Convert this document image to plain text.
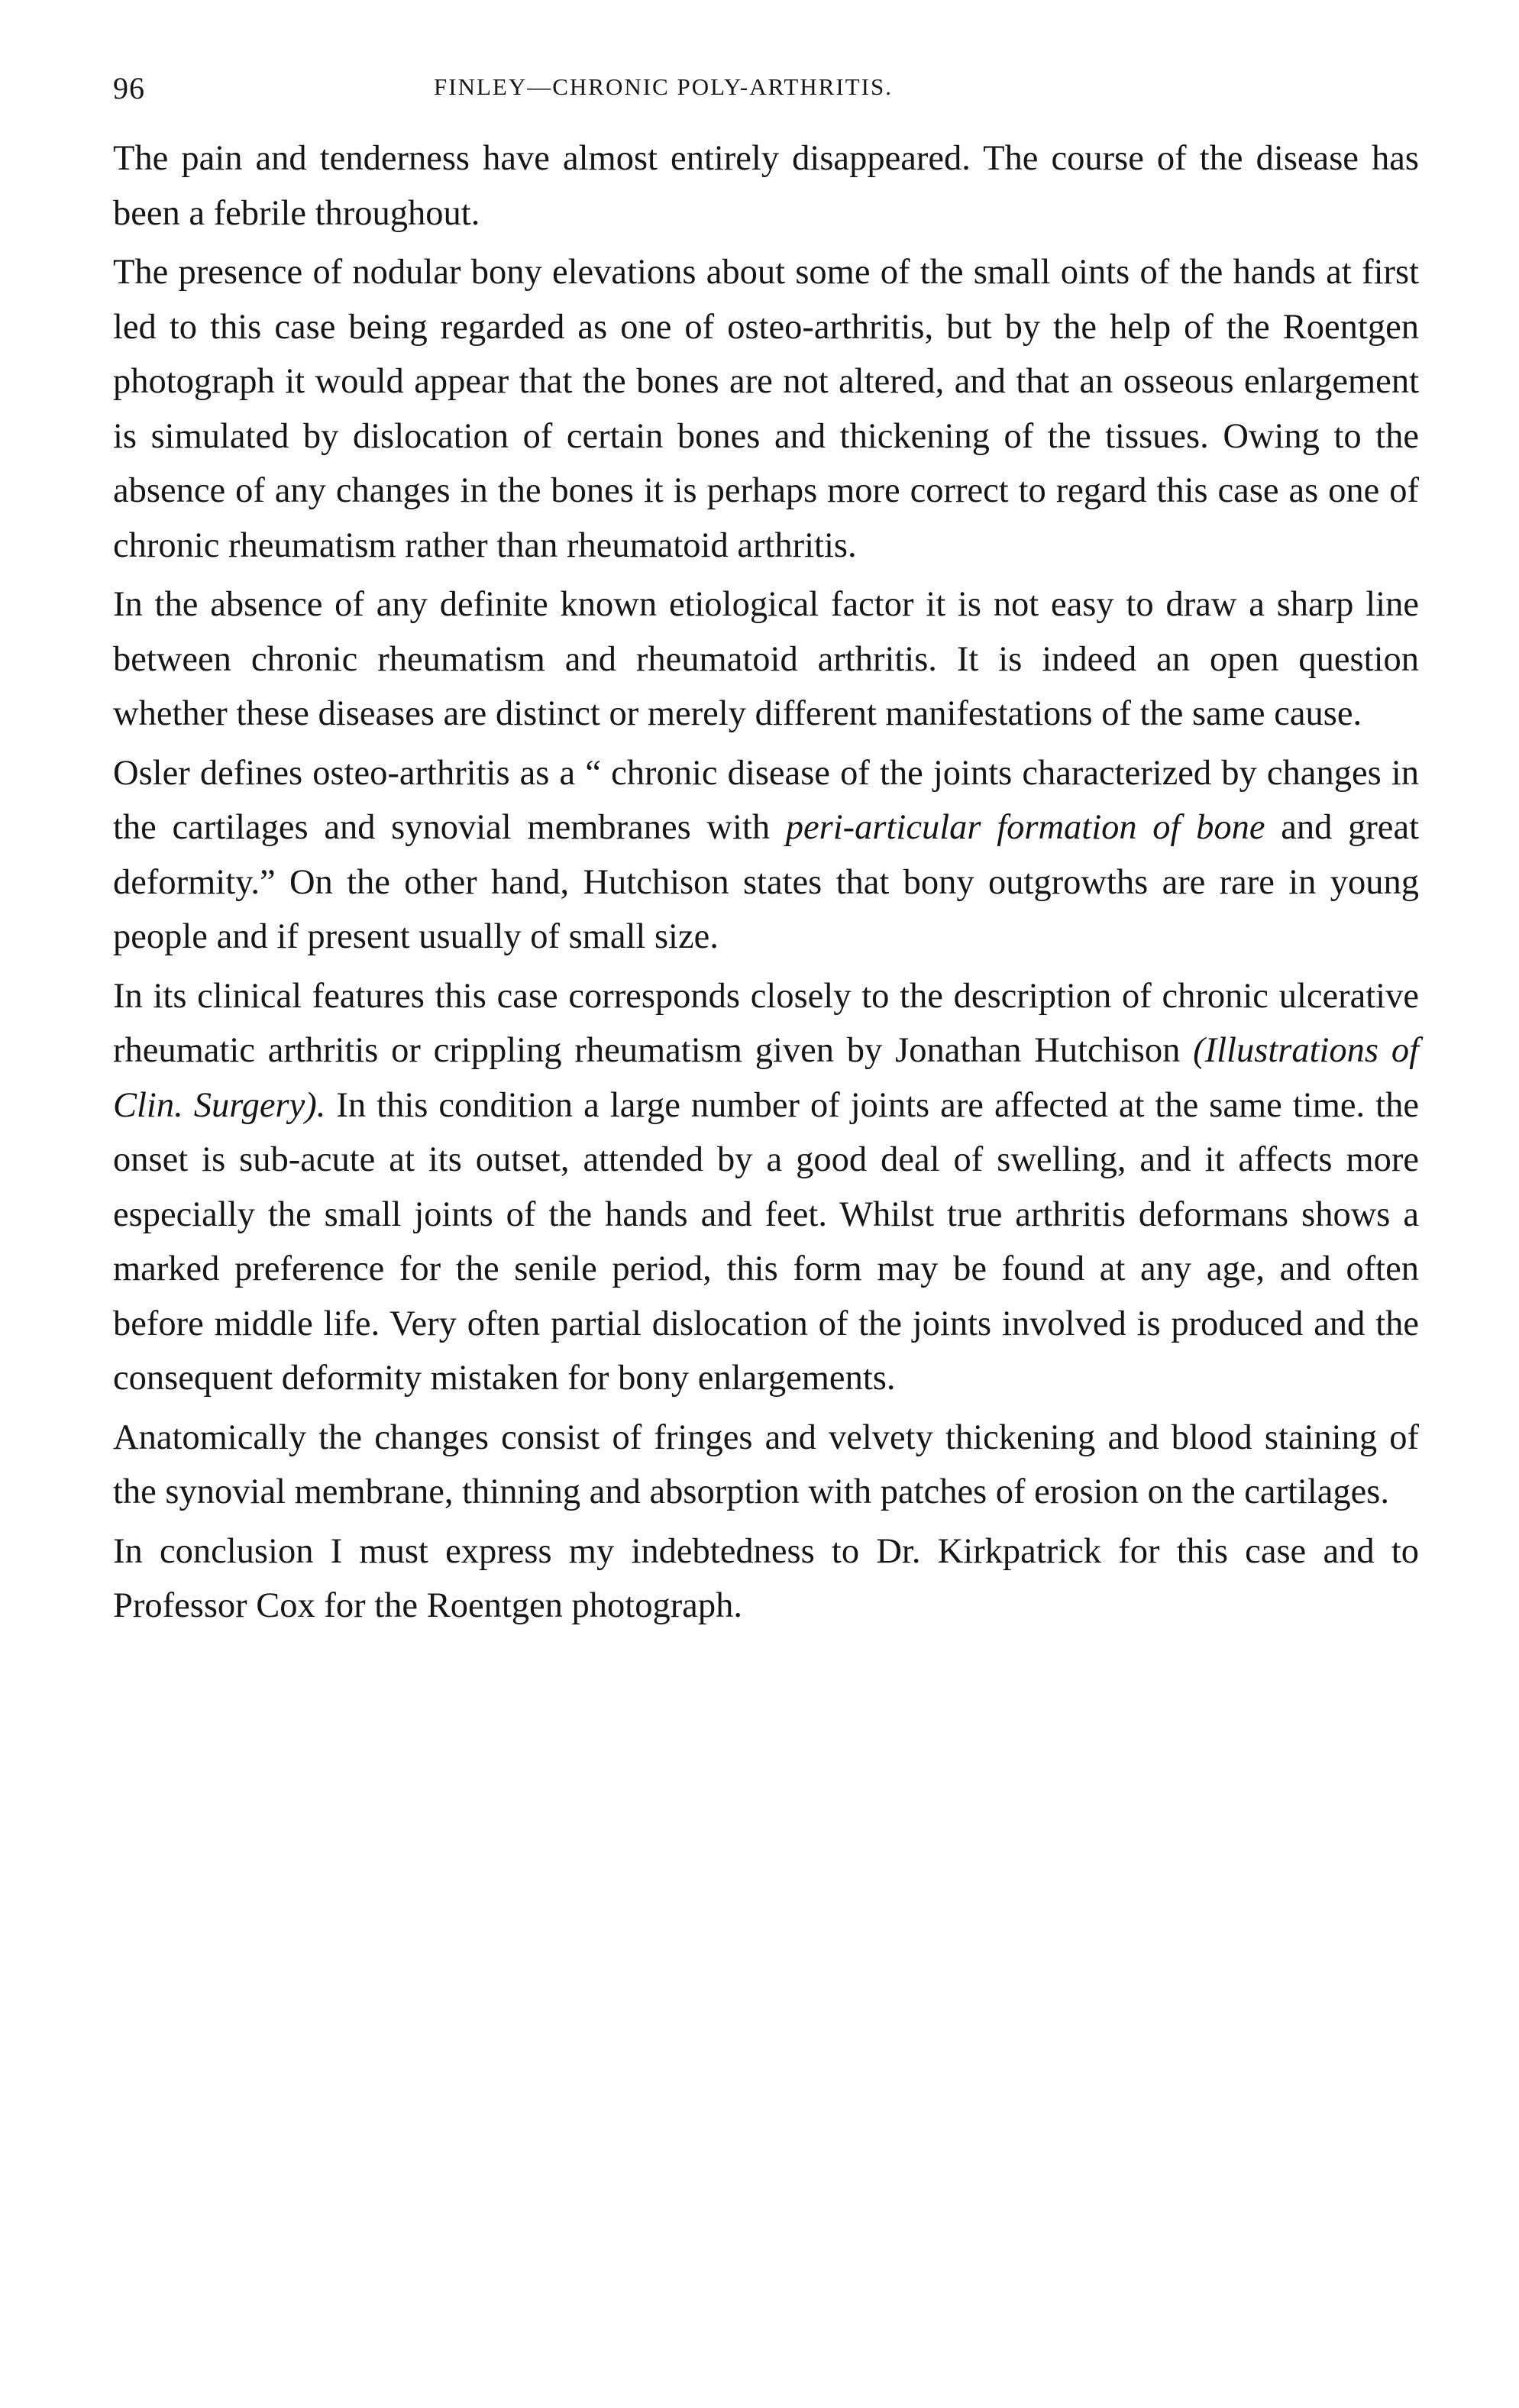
96	FINLEY—CHRONIC POLY-ARTHRITIS.

The pain and tenderness have almost entirely disappeared. The course of the disease has been a febrile throughout.

The presence of nodular bony elevations about some of the small oints of the hands at first led to this case being regarded as one of osteo-arthritis, but by the help of the Roentgen photograph it would appear that the bones are not altered, and that an osseous enlargement is simulated by dislocation of certain bones and thickening of the tissues. Owing to the absence of any changes in the bones it is perhaps more correct to regard this case as one of chronic rheumatism rather than rheumatoid arthritis.

In the absence of any definite known etiological factor it is not easy to draw a sharp line between chronic rheumatism and rheumatoid arthritis. It is indeed an open question whether these diseases are distinct or merely different manifestations of the same cause.

Osler defines osteo-arthritis as a “ chronic disease of the joints characterized by changes in the cartilages and synovial membranes with peri-articular formation of bone and great deformity.” On the other hand, Hutchison states that bony outgrowths are rare in young people and if present usually of small size.

In its clinical features this case corresponds closely to the description of chronic ulcerative rheumatic arthritis or crippling rheumatism given by Jonathan Hutchison (Illustrations of Clin. Surgery). In this condition a large number of joints are affected at the same time. the onset is sub-acute at its outset, attended by a good deal of swelling, and it affects more especially the small joints of the hands and feet. Whilst true arthritis deformans shows a marked preference for the senile period, this form may be found at any age, and often before middle life. Very often partial dislocation of the joints involved is produced and the consequent deformity mistaken for bony enlargements.

Anatomically the changes consist of fringes and velvety thickening and blood staining of the synovial membrane, thinning and absorption with patches of erosion on the cartilages.

In conclusion I must express my indebtedness to Dr. Kirkpatrick for this case and to Professor Cox for the Roentgen photograph.
